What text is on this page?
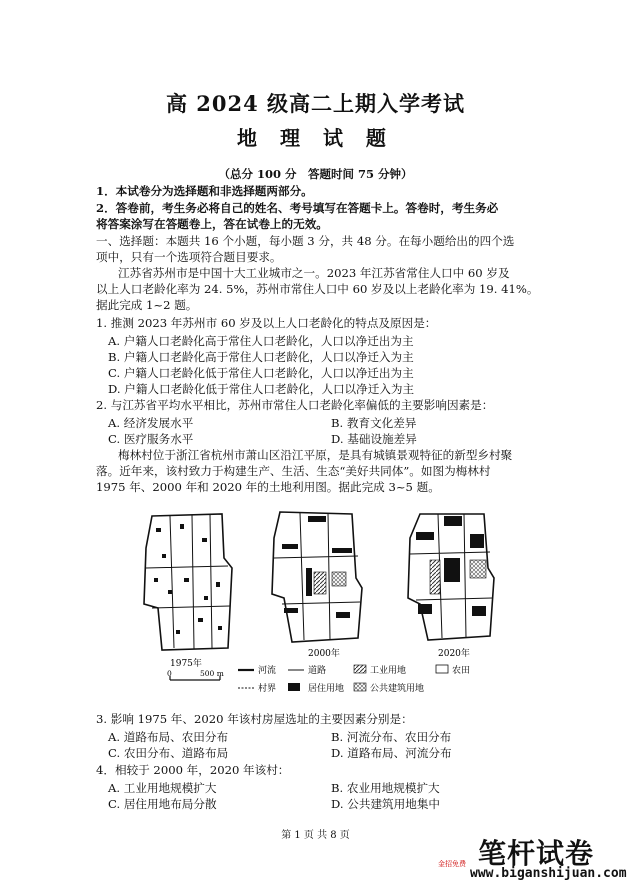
高 2024 级高二上期入学考试
地 理 试 题
（总分 100 分　答题时间 75 分钟）
1．本试卷分为选择题和非选择题两部分。
2．答卷前，考生务必将自己的姓名、考号填写在答题卡上。答卷时，考生务必
将答案涂写在答题卷上，答在试卷上的无效。
一、选择题：本题共 16 个小题，每小题 3 分，共 48 分。在每小题给出的四个选
项中，只有一个选项符合题目要求。
江苏省苏州市是中国十大工业城市之一。2023 年江苏省常住人口中 60 岁及
以上人口老龄化率为 24. 5%，苏州市常住人口中 60 岁及以上老龄化率为 19. 41%。
据此完成 1~2 题。
1. 推测 2023 年苏州市 60 岁及以上人口老龄化的特点及原因是：
A. 户籍人口老龄化高于常住人口老龄化，人口以净迁出为主
B. 户籍人口老龄化高于常住人口老龄化，人口以净迁入为主
C. 户籍人口老龄化低于常住人口老龄化，人口以净迁出为主
D. 户籍人口老龄化低于常住人口老龄化，人口以净迁入为主
2. 与江苏省平均水平相比，苏州市常住人口老龄化率偏低的主要影响因素是：
A. 经济发展水平	B. 教育文化差异
C. 医疗服务水平	D. 基础设施差异
梅林村位于浙江省杭州市萧山区沿江平原，是具有城镇景观特征的新型乡村聚
落。近年来，该村致力于构建生产、生活、生态“美好共同体”。如图为梅林村
1975 年、2000 年和 2020 年的土地利用图。据此完成 3~5 题。
1975年
2000年	2020年
0	500 m	河流	道路	工业用地	农田
村界	居住用地	公共建筑用地
3. 影响 1975 年、2020 年该村房屋选址的主要因素分别是：
A. 道路布局、农田分布	B. 河流分布、农田分布
C. 农田分布、道路布局	D. 道路布局、河流分布
4．相较于 2000 年，2020 年该村：
A. 工业用地规模扩大	B. 农业用地规模扩大
C. 居住用地布局分散	D. 公共建筑用地集中
第 1 页 共 8 页
笔杆试卷
金招免费
www.biganshijuan.com
